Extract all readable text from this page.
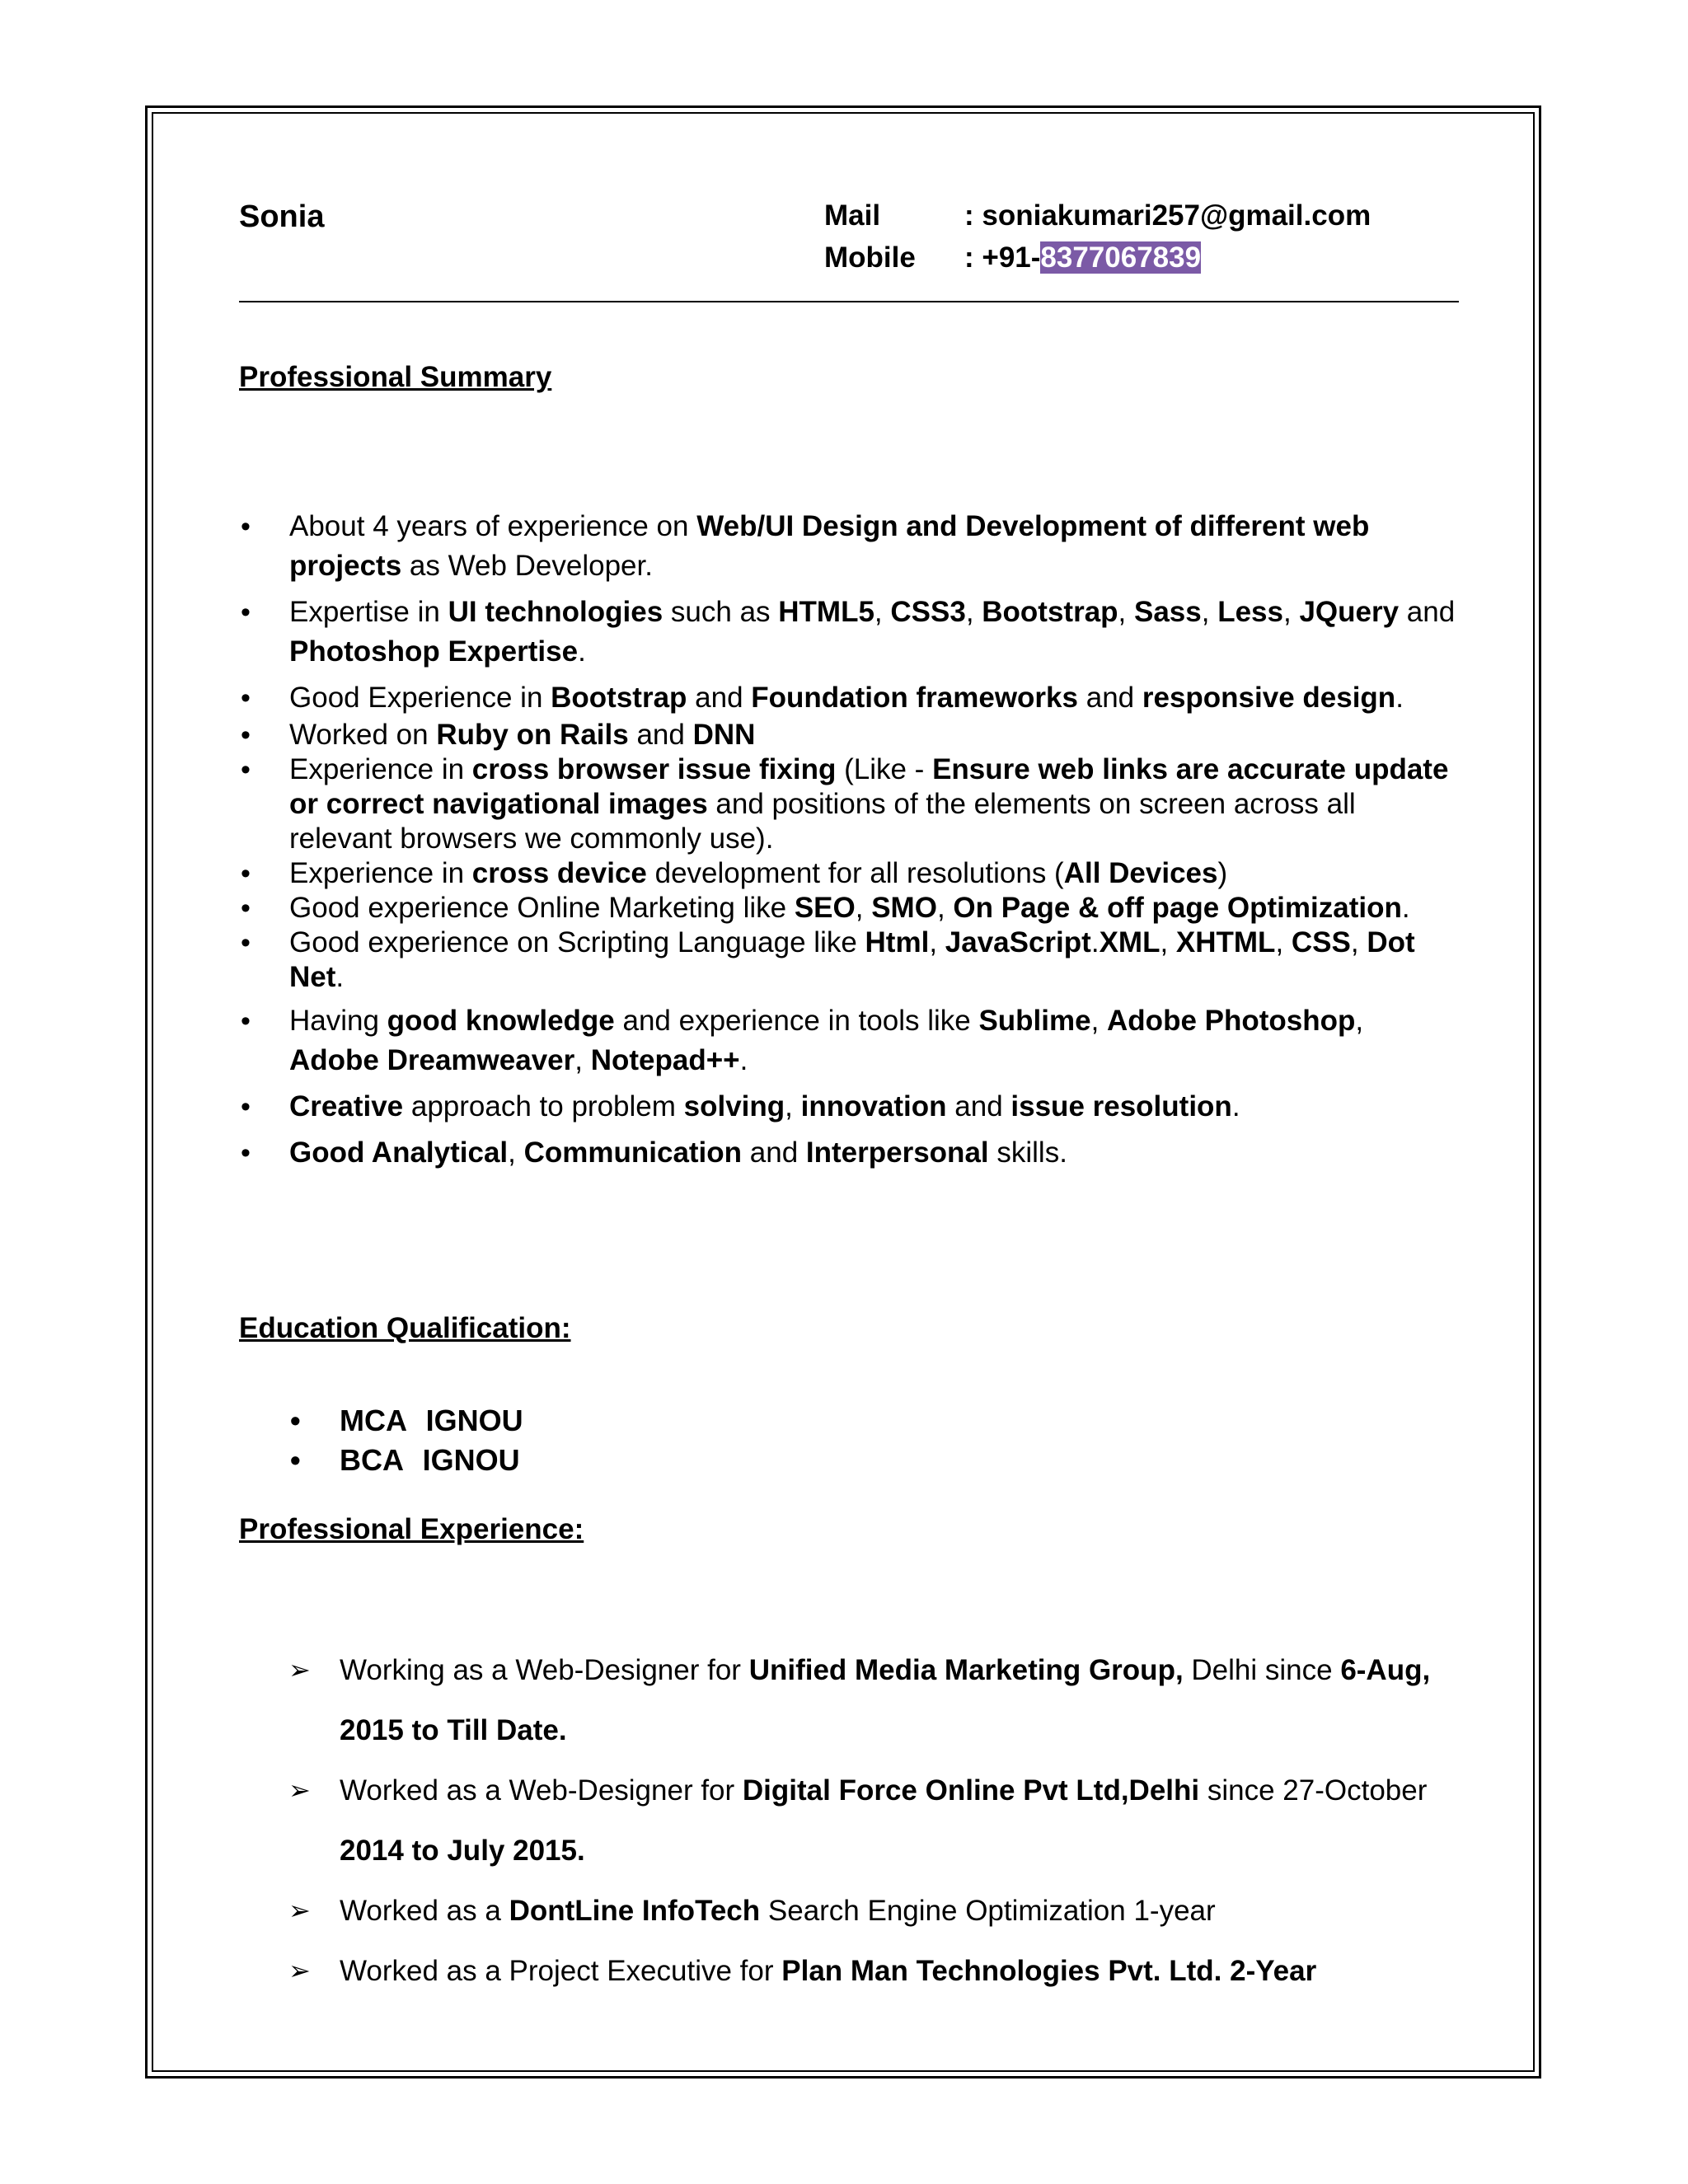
Sonia	Mail	: soniakumari257@gmail.com
Mobile : +91-8377067839
Professional Summary
• About 4 years of experience on Web/UI Design and Development of different web projects as Web Developer.
• Expertise in UI technologies such as HTML5, CSS3, Bootstrap, Sass, Less, JQuery and Photoshop Expertise.
• Good Experience in Bootstrap and Foundation frameworks and responsive design.
• Worked on Ruby on Rails and DNN
• Experience in cross browser issue fixing (Like - Ensure web links are accurate update or correct navigational images and positions of the elements on screen across all relevant browsers we commonly use).
• Experience in cross device development for all resolutions (All Devices)
• Good experience Online Marketing like SEO, SMO, On Page & off page Optimization.
• Good experience on Scripting Language like Html, JavaScript.XML, XHTML, CSS, Dot Net.
• Having good knowledge and experience in tools like Sublime, Adobe Photoshop, Adobe Dreamweaver, Notepad++.
• Creative approach to problem solving, innovation and issue resolution.
• Good Analytical, Communication and Interpersonal skills.
Education Qualification:
• MCA IGNOU
• BCA IGNOU
Professional Experience:
➢ Working as a Web-Designer for Unified Media Marketing Group, Delhi since 6-Aug, 2015 to Till Date.
➢ Worked as a Web-Designer for Digital Force Online Pvt Ltd,Delhi since 27-October 2014 to July 2015.
➢ Worked as a DontLine InfoTech Search Engine Optimization 1-year
➢ Worked as a Project Executive for Plan Man Technologies Pvt. Ltd. 2-Year
